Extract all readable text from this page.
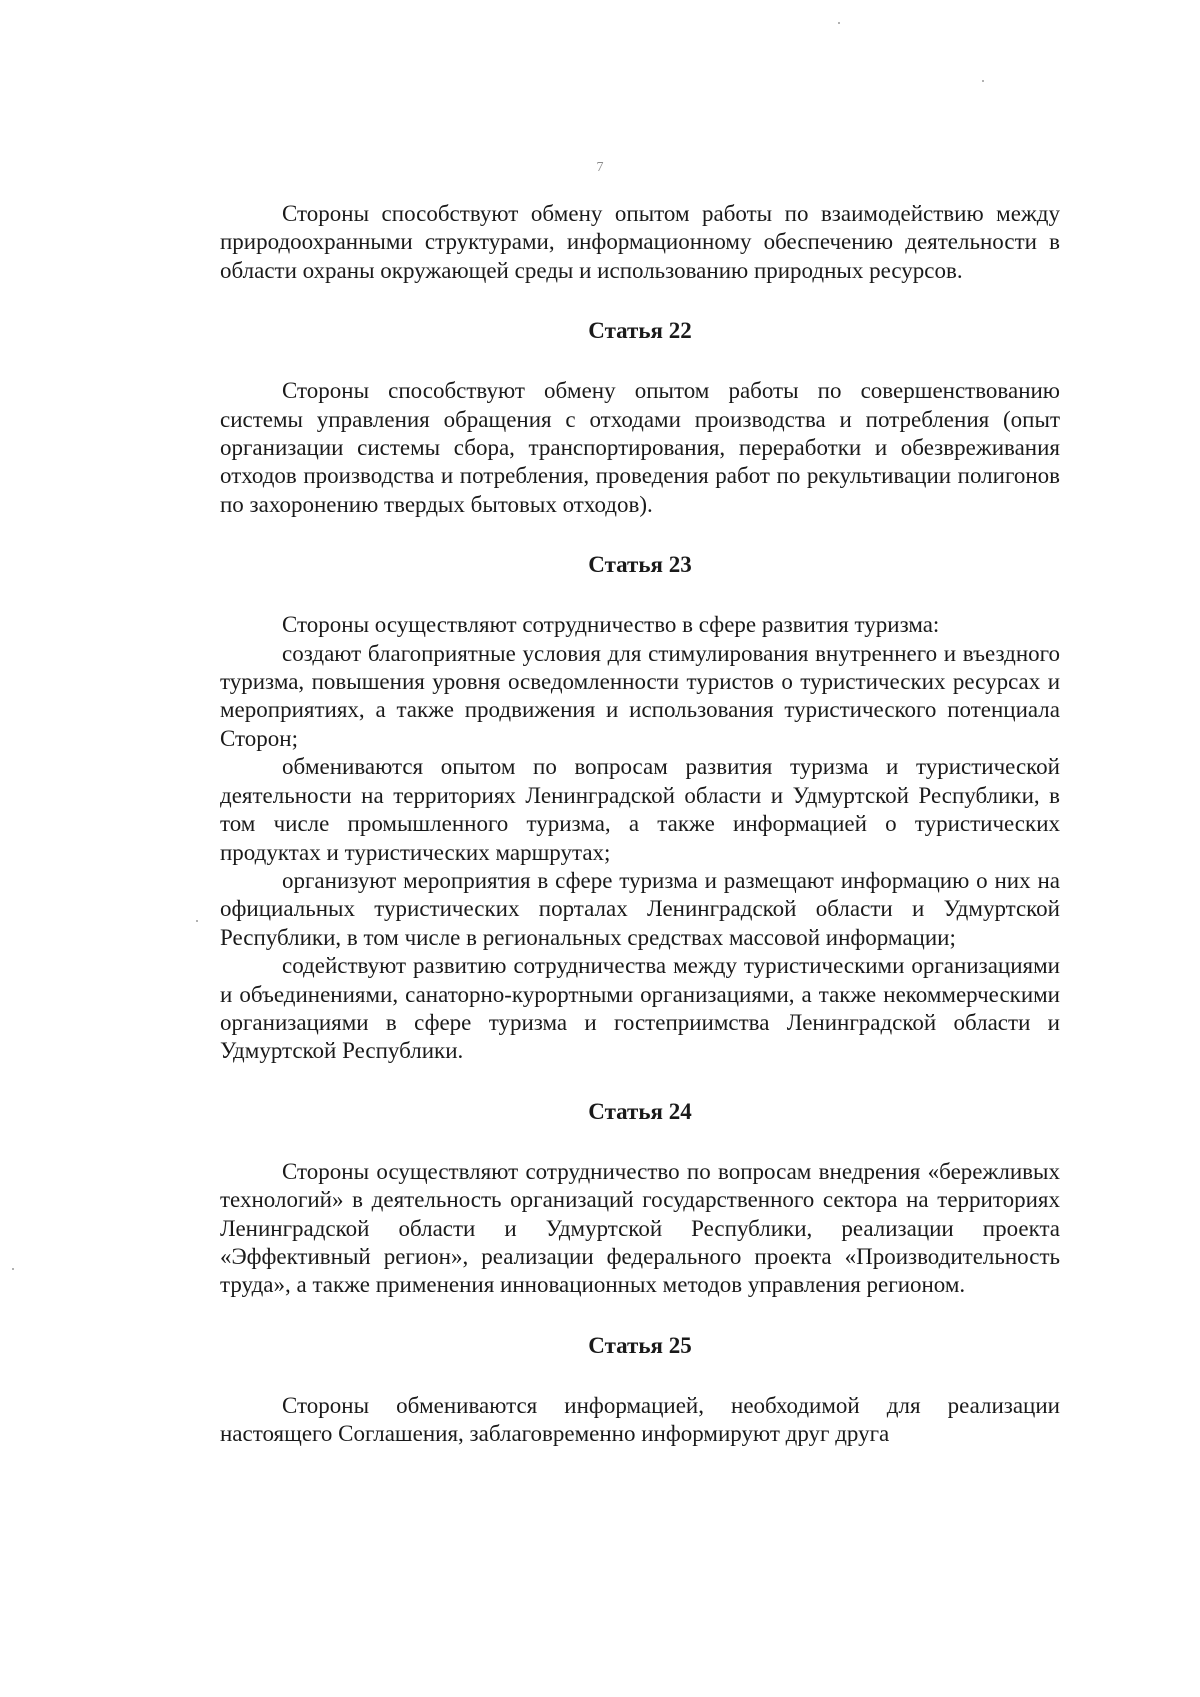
7

Стороны способствуют обмену опытом работы по взаимодействию между природоохранными структурами, информационному обеспечению деятельности в области охраны окружающей среды и использованию природных ресурсов.

Статья 22

Стороны способствуют обмену опытом работы по совершенствованию системы управления обращения с отходами производства и потребления (опыт организации системы сбора, транспортирования, переработки и обезвреживания отходов производства и потребления, проведения работ по рекультивации полигонов по захоронению твердых бытовых отходов).

Статья 23

Стороны осуществляют сотрудничество в сфере развития туризма:

создают благоприятные условия для стимулирования внутреннего и въездного туризма, повышения уровня осведомленности туристов о туристических ресурсах и мероприятиях, а также продвижения и использования туристического потенциала Сторон;

обмениваются опытом по вопросам развития туризма и туристической деятельности на территориях Ленинградской области и Удмуртской Республики, в том числе промышленного туризма, а также информацией о туристических продуктах и туристических маршрутах;

организуют мероприятия в сфере туризма и размещают информацию о них на официальных туристических порталах Ленинградской области и Удмуртской Республики, в том числе в региональных средствах массовой информации;

содействуют развитию сотрудничества между туристическими организациями и объединениями, санаторно-курортными организациями, а также некоммерческими организациями в сфере туризма и гостеприимства Ленинградской области и Удмуртской Республики.

Статья 24

Стороны осуществляют сотрудничество по вопросам внедрения «бережливых технологий» в деятельность организаций государственного сектора на территориях Ленинградской области и Удмуртской Республики, реализации проекта «Эффективный регион», реализации федерального проекта «Производительность труда», а также применения инновационных методов управления регионом.

Статья 25

Стороны обмениваются информацией, необходимой для реализации настоящего Соглашения, заблаговременно информируют друг друга
